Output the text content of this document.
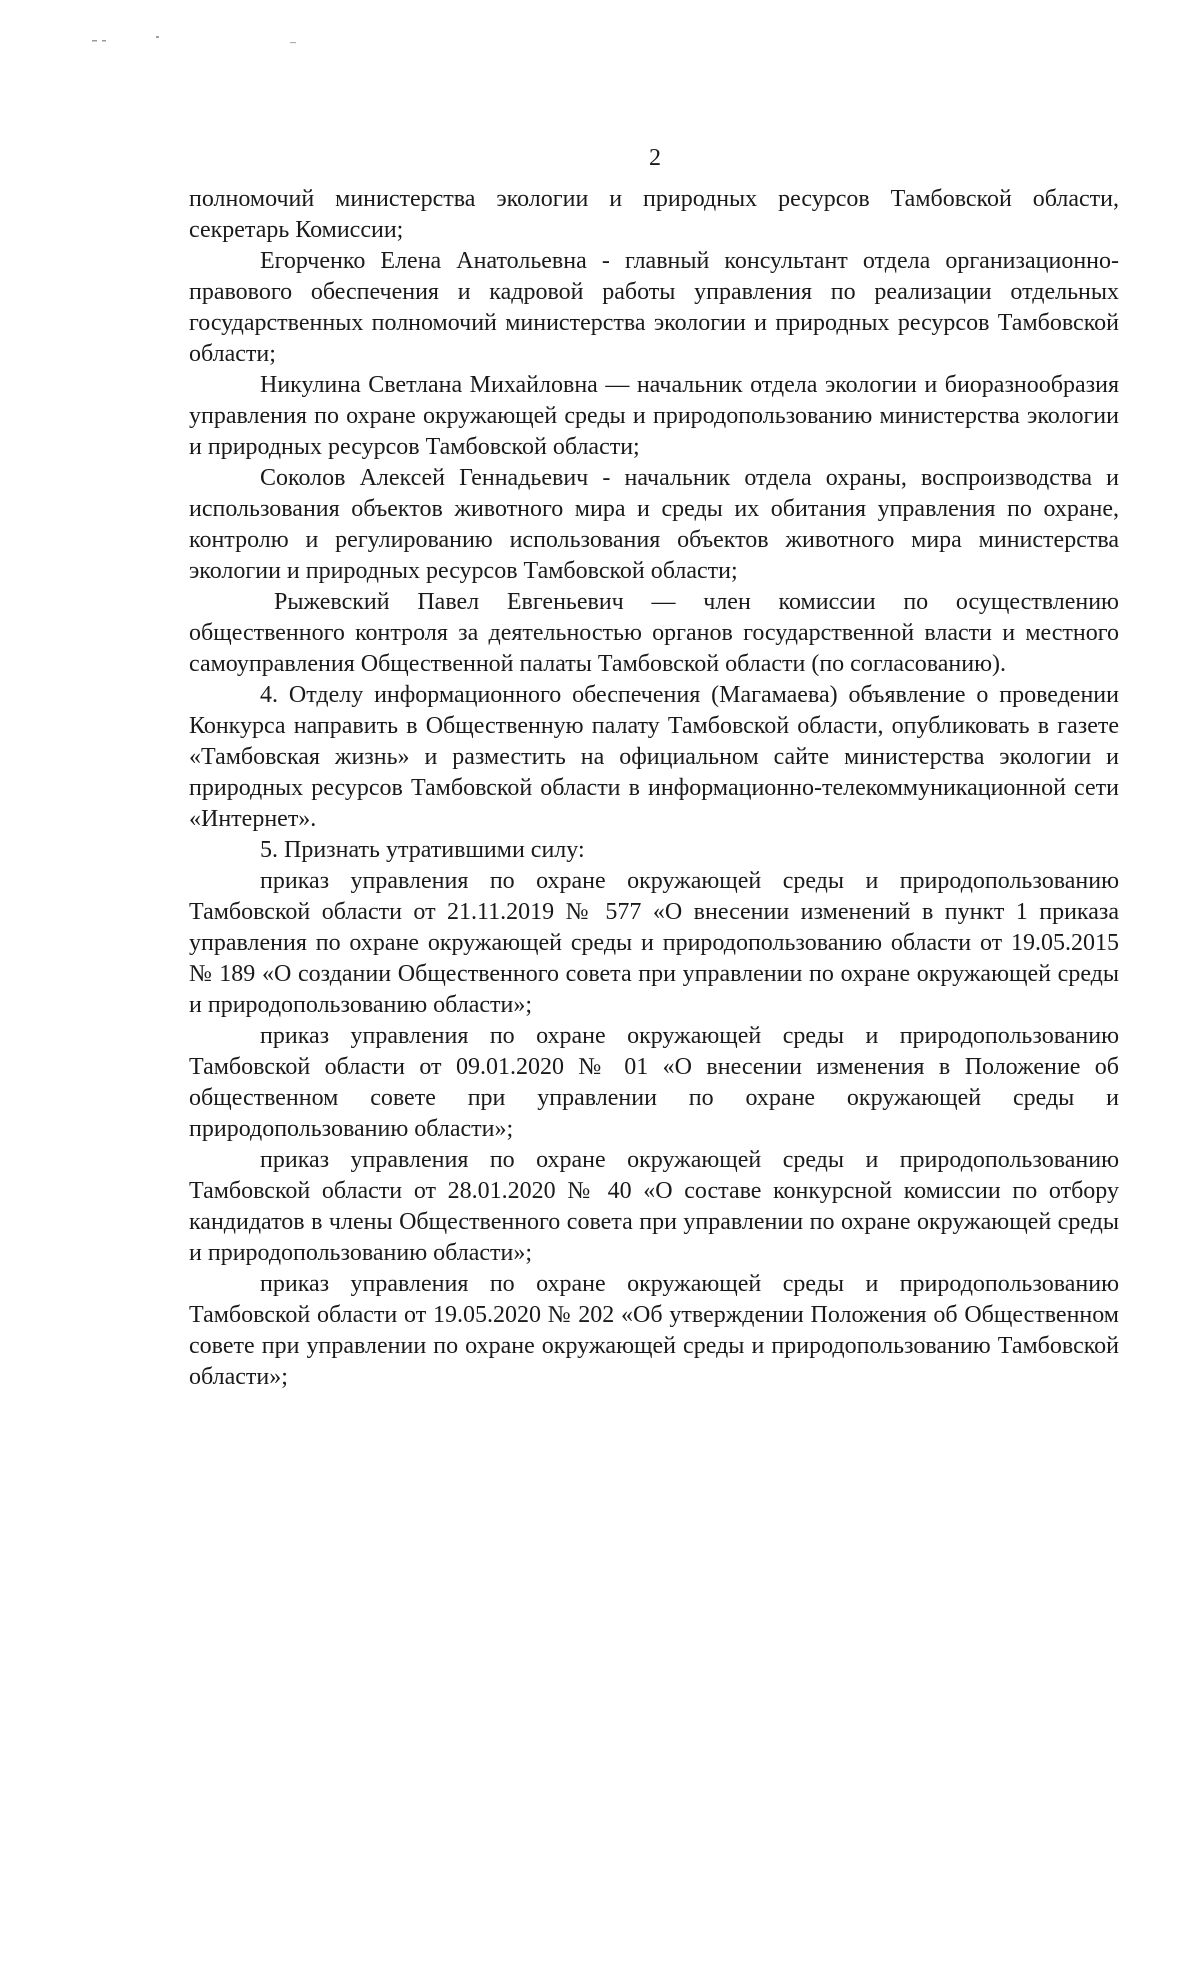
2

полномочий министерства экологии и природных ресурсов Тамбовской области, секретарь Комиссии;

Егорченко Елена Анатольевна - главный консультант отдела организационно-правового обеспечения и кадровой работы управления по реализации отдельных государственных полномочий министерства экологии и природных ресурсов Тамбовской области;

Никулина Светлана Михайловна — начальник отдела экологии и биоразнообразия управления по охране окружающей среды и природопользованию министерства экологии и природных ресурсов Тамбовской области;

Соколов Алексей Геннадьевич - начальник отдела охраны, воспроизводства и использования объектов животного мира и среды их обитания управления по охране, контролю и регулированию использования объектов животного мира министерства экологии и природных ресурсов Тамбовской области;

Рыжевский Павел Евгеньевич — член комиссии по осуществлению общественного контроля за деятельностью органов государственной власти и местного самоуправления Общественной палаты Тамбовской области (по согласованию).

4. Отделу информационного обеспечения (Магамаева) объявление о проведении Конкурса направить в Общественную палату Тамбовской области, опубликовать в газете «Тамбовская жизнь» и разместить на официальном сайте министерства экологии и природных ресурсов Тамбовской области в информационно-телекоммуникационной сети «Интернет».

5. Признать утратившими силу:

приказ управления по охране окружающей среды и природопользованию Тамбовской области от 21.11.2019 № 577 «О внесении изменений в пункт 1 приказа управления по охране окружающей среды и природопользованию области от 19.05.2015 № 189 «О создании Общественного совета при управлении по охране окружающей среды и природопользованию области»;

приказ управления по охране окружающей среды и природопользованию Тамбовской области от 09.01.2020 № 01 «О внесении изменения в Положение об общественном совете при управлении по охране окружающей среды и природопользованию области»;

приказ управления по охране окружающей среды и природопользованию Тамбовской области от 28.01.2020 № 40 «О составе конкурсной комиссии по отбору кандидатов в члены Общественного совета при управлении по охране окружающей среды и природопользованию области»;

приказ управления по охране окружающей среды и природопользованию Тамбовской области от 19.05.2020 № 202 «Об утверждении Положения об Общественном совете при управлении по охране окружающей среды и природопользованию Тамбовской области»;
